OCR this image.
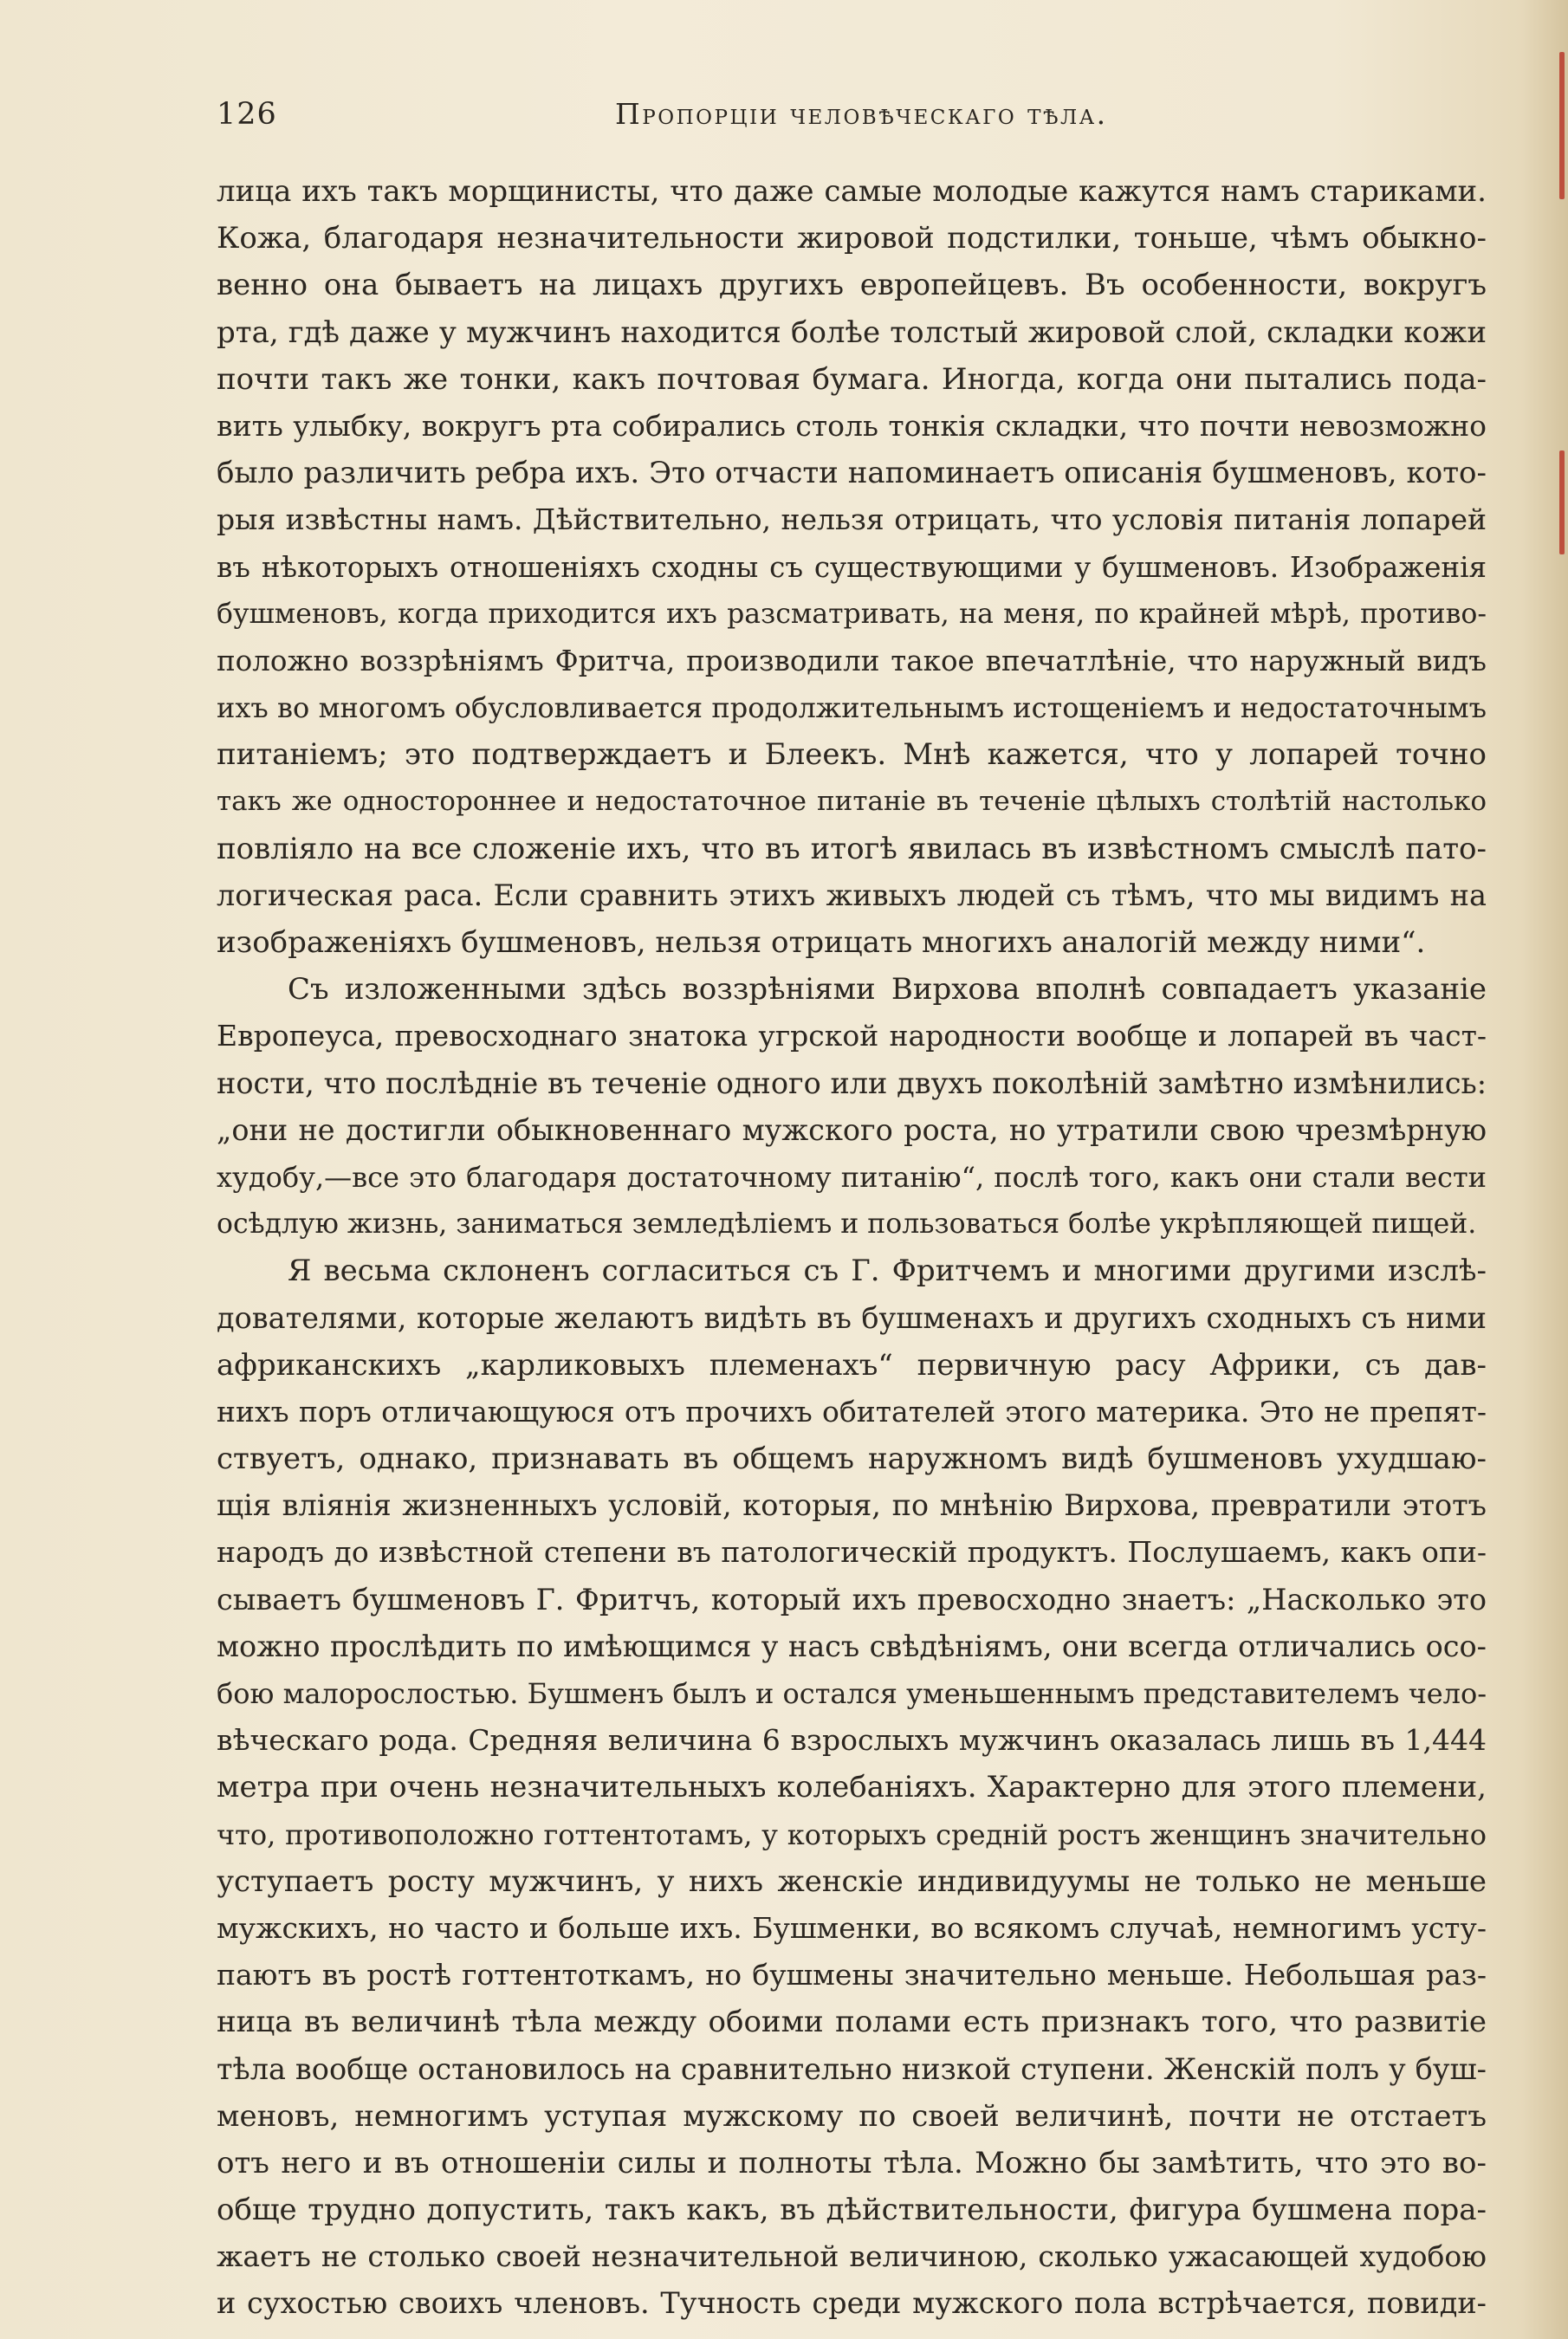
126	Пропорціи человѣческаго тѣла.
лица ихъ такъ морщинисты, что даже самые молодые кажутся намъ стариками.
Кожа, благодаря незначительности жировой подстилки, тоньше, чѣмъ обыкно-
венно она бываетъ на лицахъ другихъ европейцевъ. Въ особенности, вокругъ
рта, гдѣ даже у мужчинъ находится болѣе толстый жировой слой, складки кожи
почти такъ же тонки, какъ почтовая бумага. Иногда, когда они пытались пода-
вить улыбку, вокругъ рта собирались столь тонкія складки, что почти невозможно
было различить ребра ихъ. Это отчасти напоминаетъ описанія бушменовъ, кото-
рыя извѣстны намъ. Дѣйствительно, нельзя отрицать, что условія питанія лопарей
въ нѣкоторыхъ отношеніяхъ сходны съ существующими у бушменовъ. Изображенія
бушменовъ, когда приходится ихъ разсматривать, на меня, по крайней мѣрѣ, противо-
положно воззрѣніямъ Фритча, производили такое впечатлѣніе, что наружный видъ
ихъ во многомъ обусловливается продолжительнымъ истощеніемъ и недостаточнымъ
питаніемъ; это подтверждаетъ и Блеекъ. Мнѣ кажется, что у лопарей точно
такъ же одностороннее и недостаточное питаніе въ теченіе цѣлыхъ столѣтій настолько
повліяло на все сложеніе ихъ, что въ итогѣ явилась въ извѣстномъ смыслѣ пато-
логическая раса. Если сравнить этихъ живыхъ людей съ тѣмъ, что мы видимъ на
изображеніяхъ бушменовъ, нельзя отрицать многихъ аналогій между ними“.
Съ изложенными здѣсь воззрѣніями Вирхова вполнѣ совпадаетъ указаніе
Европеуса, превосходнаго знатока угрской народности вообще и лопарей въ част-
ности, что послѣдніе въ теченіе одного или двухъ поколѣній замѣтно измѣнились:
„они не достигли обыкновеннаго мужского роста, но утратили свою чрезмѣрную
худобу,—все это благодаря достаточному питанію“, послѣ того, какъ они стали вести
осѣдлую жизнь, заниматься земледѣліемъ и пользоваться болѣе укрѣпляющей пищей.
Я весьма склоненъ согласиться съ Г. Фритчемъ и многими другими изслѣ-
дователями, которые желаютъ видѣть въ бушменахъ и другихъ сходныхъ съ ними
африканскихъ „карликовыхъ племенахъ“ первичную расу Африки, съ дав-
нихъ поръ отличающуюся отъ прочихъ обитателей этого материка. Это не препят-
ствуетъ, однако, признавать въ общемъ наружномъ видѣ бушменовъ ухудшаю-
щія вліянія жизненныхъ условій, которыя, по мнѣнію Вирхова, превратили этотъ
народъ до извѣстной степени въ патологическій продуктъ. Послушаемъ, какъ опи-
сываетъ бушменовъ Г. Фритчъ, который ихъ превосходно знаетъ: „Насколько это
можно прослѣдить по имѣющимся у насъ свѣдѣніямъ, они всегда отличались осо-
бою малорослостью. Бушменъ былъ и остался уменьшеннымъ представителемъ чело-
вѣческаго рода. Средняя величина 6 взрослыхъ мужчинъ оказалась лишь въ 1,444
метра при очень незначительныхъ колебаніяхъ. Характерно для этого племени,
что, противоположно готтентотамъ, у которыхъ средній ростъ женщинъ значительно
уступаетъ росту мужчинъ, у нихъ женскіе индивидуумы не только не меньше
мужскихъ, но часто и больше ихъ. Бушменки, во всякомъ случаѣ, немногимъ усту-
паютъ въ ростѣ готтентоткамъ, но бушмены значительно меньше. Небольшая раз-
ница въ величинѣ тѣла между обоими полами есть признакъ того, что развитіе
тѣла вообще остановилось на сравнительно низкой ступени. Женскій полъ у буш-
меновъ, немногимъ уступая мужскому по своей величинѣ, почти не отстаетъ
отъ него и въ отношеніи силы и полноты тѣла. Можно бы замѣтить, что это во-
обще трудно допустить, такъ какъ, въ дѣйствительности, фигура бушмена пора-
жаетъ не столько своей незначительной величиною, сколько ужасающей худобою
и сухостью своихъ членовъ. Тучность среди мужского пола встрѣчается, повиди-
